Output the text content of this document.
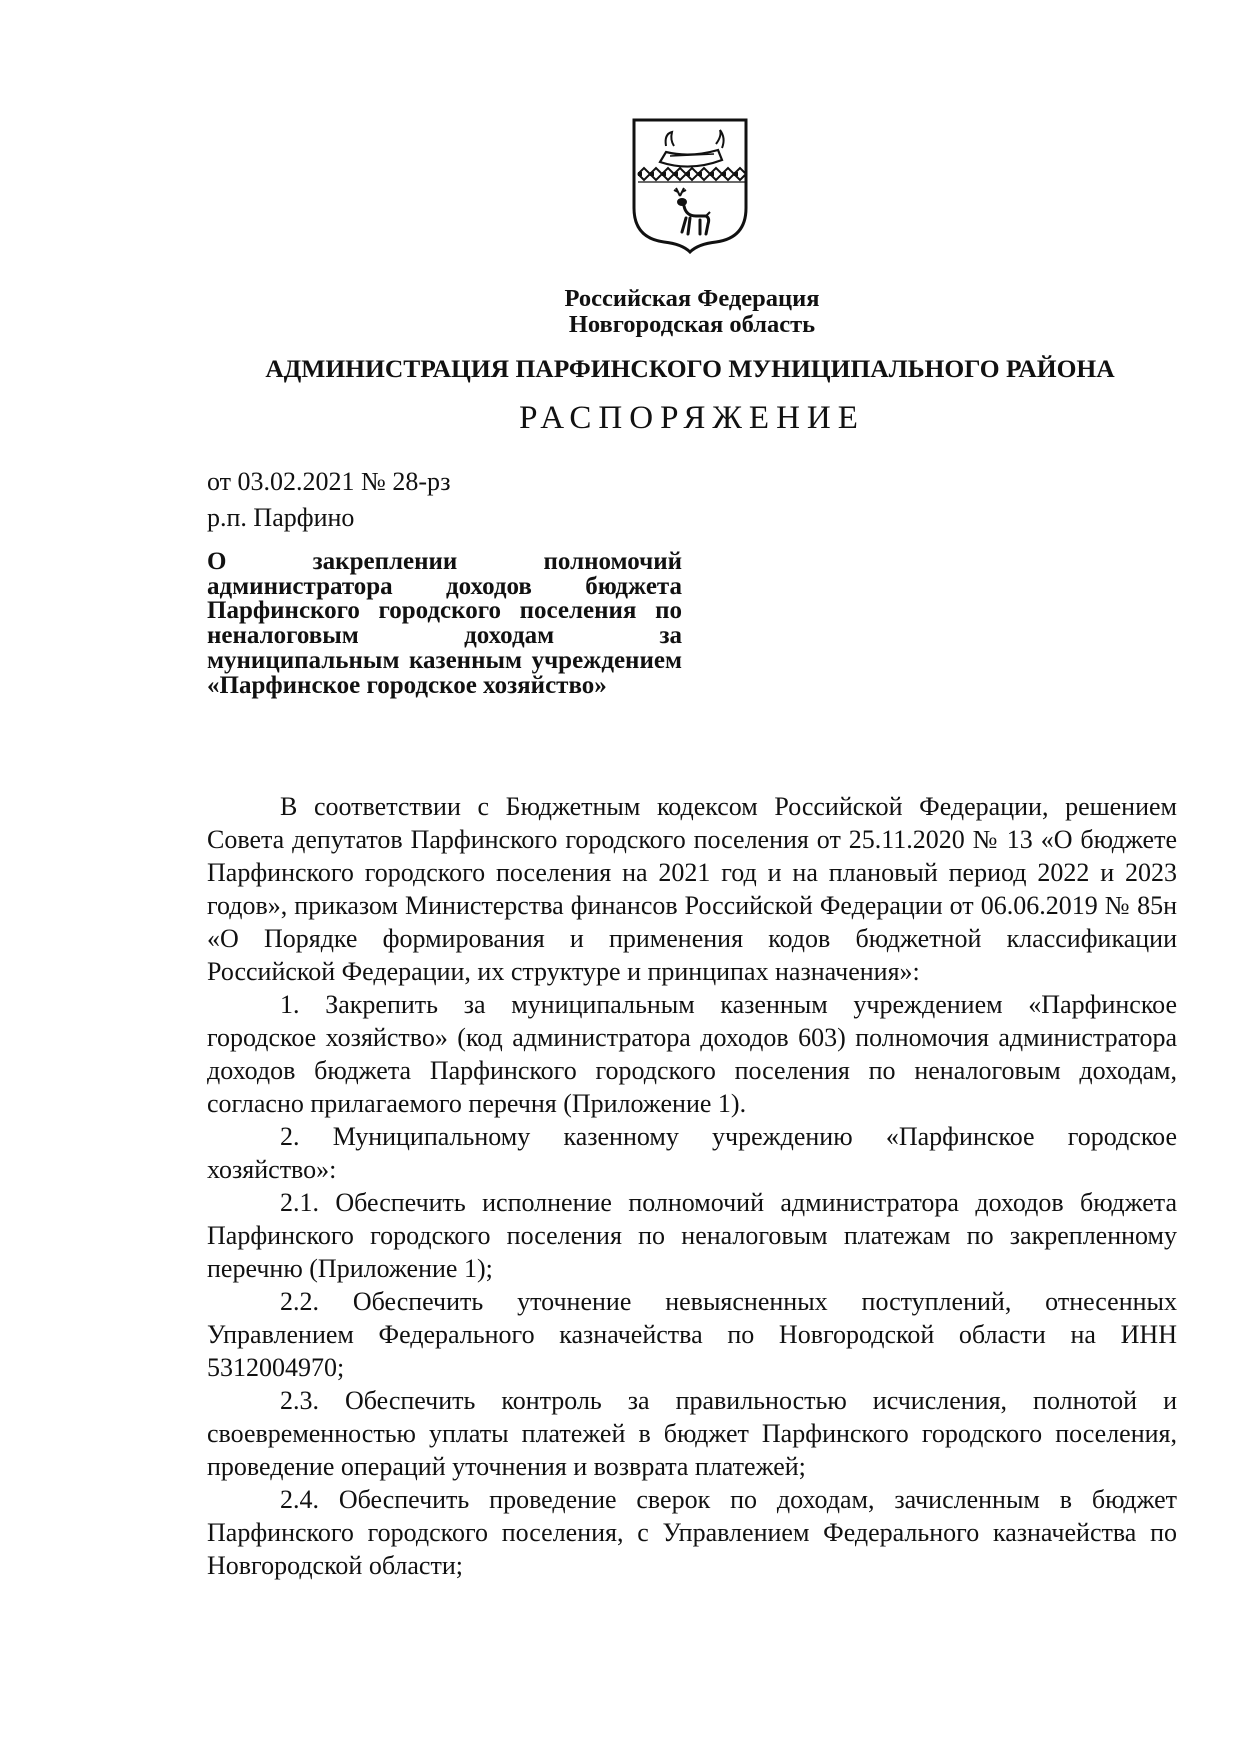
Российская Федерация
Новгородская область
АДМИНИСТРАЦИЯ ПАРФИНСКОГО МУНИЦИПАЛЬНОГО РАЙОНА
РАСПОРЯЖЕНИЕ
от 03.02.2021 № 28-рз
р.п. Парфино
О закреплении полномочий администратора доходов бюджета Парфинского городского поселения по неналоговым доходам за муниципальным казенным учреждением «Парфинское городское хозяйство»

В соответствии с Бюджетным кодексом Российской Федерации, решением Совета депутатов Парфинского городского поселения от 25.11.2020 № 13 «О бюджете Парфинского городского поселения на 2021 год и на плановый период 2022 и 2023 годов», приказом Министерства финансов Российской Федерации от 06.06.2019 № 85н «О Порядке формирования и применения кодов бюджетной классификации Российской Федерации, их структуре и принципах назначения»:

1. Закрепить за муниципальным казенным учреждением «Парфинское городское хозяйство» (код администратора доходов 603) полномочия администратора доходов бюджета Парфинского городского поселения по неналоговым доходам, согласно прилагаемого перечня (Приложение 1).

2. Муниципальному казенному учреждению «Парфинское городское хозяйство»:

2.1. Обеспечить исполнение полномочий администратора доходов бюджета Парфинского городского поселения по неналоговым платежам по закрепленному перечню (Приложение 1);

2.2. Обеспечить уточнение невыясненных поступлений, отнесенных Управлением Федерального казначейства по Новгородской области на ИНН 5312004970;

2.3. Обеспечить контроль за правильностью исчисления, полнотой и своевременностью уплаты платежей в бюджет Парфинского городского поселения, проведение операций уточнения и возврата платежей;

2.4. Обеспечить проведение сверок по доходам, зачисленным в бюджет Парфинского городского поселения, с Управлением Федерального казначейства по Новгородской области;
